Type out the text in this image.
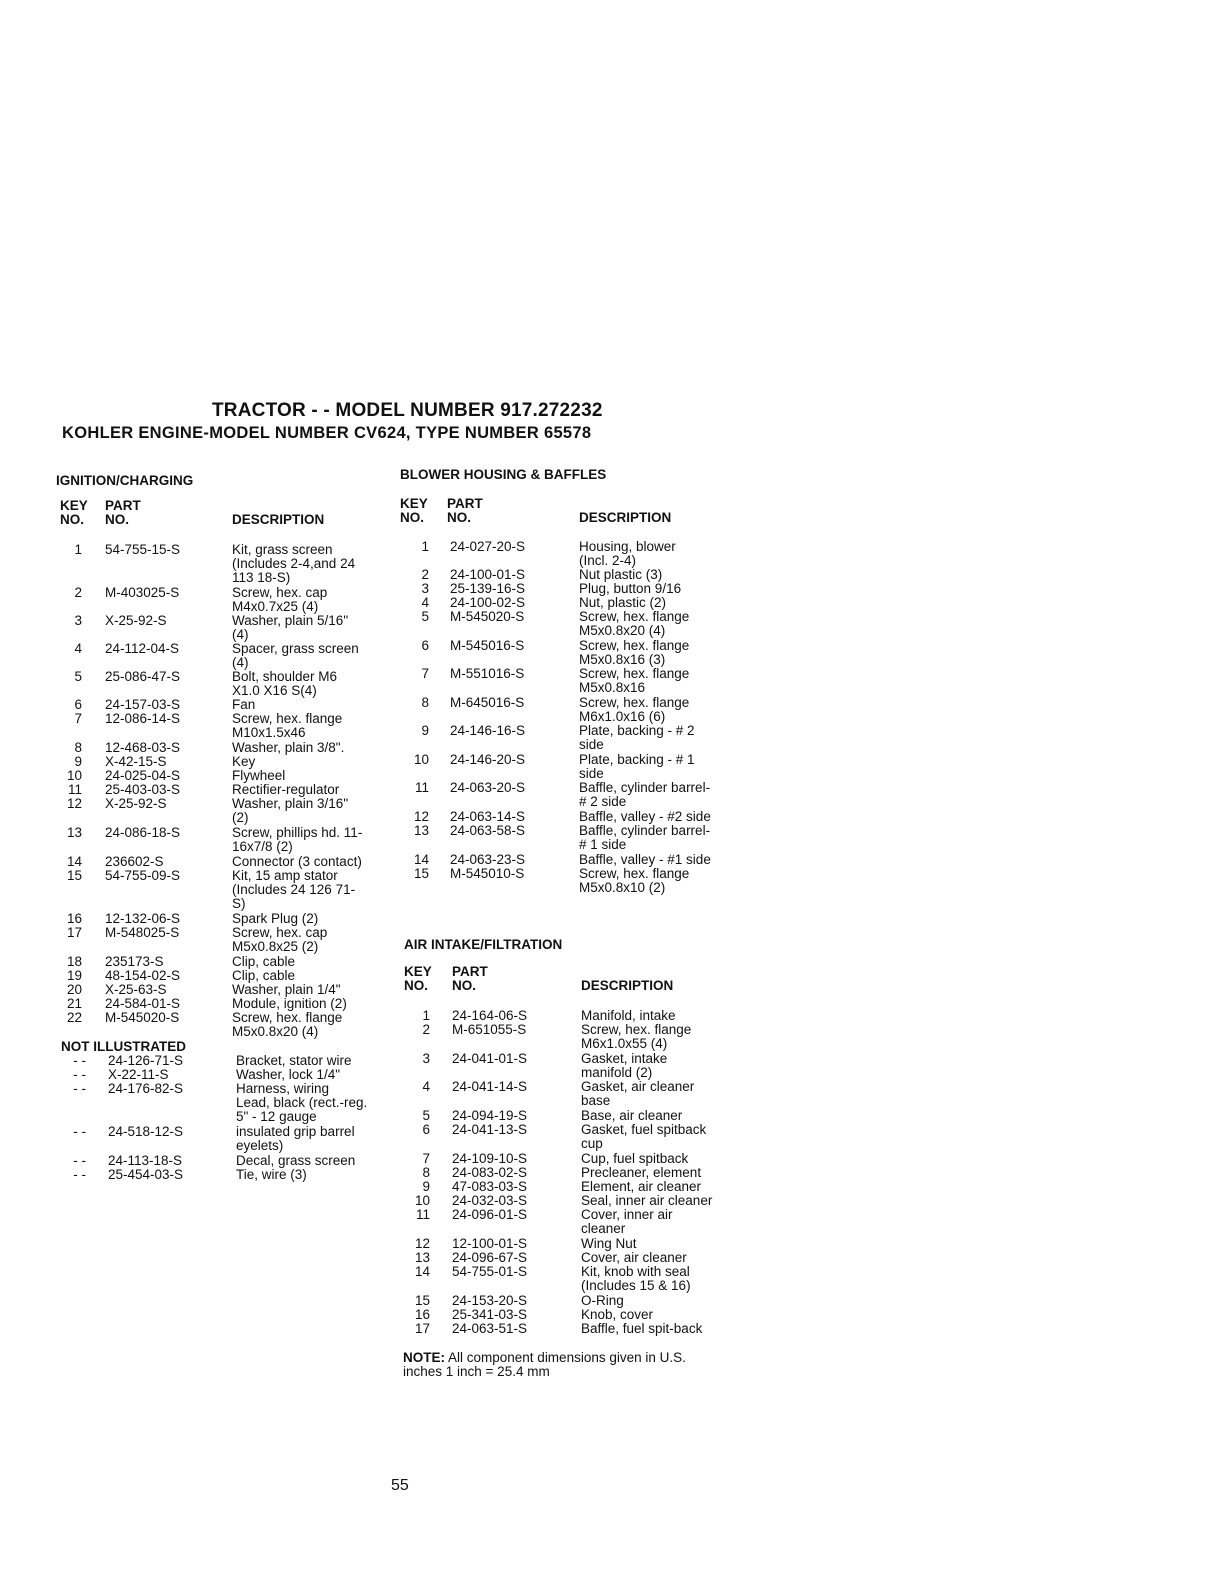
TRACTOR - - MODEL NUMBER 917.272232
KOHLER ENGINE-MODEL NUMBER CV624, TYPE NUMBER 65578
IGNITION/CHARGING
KEY
NO.
PART
NO.	DESCRIPTION
BLOWER HOUSING & BAFFLES
KEY
NO.
PART
NO.	DESCRIPTION
AIR INTAKE/FILTRATION
KEY
NO.
PART
NO.	DESCRIPTION
NOT ILLUSTRATED
1 54-755-15-S	Kit, grass screen
(Includes 2-4,and 24
113 18-S)
2 M-403025-S	Screw, hex. cap
M4x0.7x25 (4)
3 X-25-92-S	Washer, plain 5/16"
(4)
4 24-112-04-S	Spacer, grass screen
(4)
5 25-086-47-S	Bolt, shoulder M6
X1.0 X16 S(4)
6 24-157-03-S	Fan
7 12-086-14-S	Screw, hex. flange
M10x1.5x46
8 12-468-03-S	Washer, plain 3/8".
9 X-42-15-S	Key
10 24-025-04-S	Flywheel
11 25-403-03-S	Rectifier-regulator
12 X-25-92-S	Washer, plain 3/16"
(2)
13 24-086-18-S	Screw, phillips hd. 11-
16x7/8 (2)
14 236602-S	Connector (3 contact)
15 54-755-09-S	Kit, 15 amp stator
(Includes 24 126 71-
S)
16 12-132-06-S	Spark Plug (2)
17 M-548025-S	Screw, hex. cap
M5x0.8x25 (2)
18 235173-S	Clip, cable
19 48-154-02-S	Clip, cable
20 X-25-63-S	Washer, plain 1/4"
21 24-584-01-S	Module, ignition (2)
22 M-545020-S	Screw, hex. flange
M5x0.8x20 (4)
- - 24-126-71-S	Bracket, stator wire
- - X-22-11-S	Washer, lock 1/4"
- - 24-176-82-S	Harness, wiring
Lead, black (rect.-reg.
5" - 12 gauge
- - 24-518-12-S	insulated grip barrel
eyelets)
- - 24-113-18-S	Decal, grass screen
- - 25-454-03-S	Tie, wire (3)
1 24-027-20-S	Housing, blower
(Incl. 2-4)
2 24-100-01-S	Nut plastic (3)
3 25-139-16-S	Plug, button 9/16
4 24-100-02-S	Nut, plastic (2)
5 M-545020-S	Screw, hex. flange
M5x0.8x20 (4)
6 M-545016-S	Screw, hex. flange
M5x0.8x16 (3)
7 M-551016-S	Screw, hex. flange
M5x0.8x16
8 M-645016-S	Screw, hex. flange
M6x1.0x16 (6)
9 24-146-16-S	Plate, backing - # 2
side
10 24-146-20-S	Plate, backing - # 1
side
11 24-063-20-S	Baffle, cylinder barrel-
# 2 side
12 24-063-14-S	Baffle, valley - #2 side
13 24-063-58-S	Baffle, cylinder barrel-
# 1 side
14 24-063-23-S	Baffle, valley - #1 side
15 M-545010-S	Screw, hex. flange
M5x0.8x10 (2)
1 24-164-06-S	Manifold, intake
2 M-651055-S	Screw, hex. flange
M6x1.0x55 (4)
3 24-041-01-S	Gasket, intake
manifold (2)
4 24-041-14-S	Gasket, air cleaner
base
5 24-094-19-S	Base, air cleaner
6 24-041-13-S	Gasket, fuel spitback
cup
7 24-109-10-S	Cup, fuel spitback
8 24-083-02-S	Precleaner, element
9 47-083-03-S	Element, air cleaner
10 24-032-03-S	Seal, inner air cleaner
11 24-096-01-S	Cover, inner air
cleaner
12 12-100-01-S	Wing Nut
13 24-096-67-S	Cover, air cleaner
14 54-755-01-S	Kit, knob with seal
(Includes 15 & 16)
15 24-153-20-S	O-Ring
16 25-341-03-S	Knob, cover
17 24-063-51-S	Baffle, fuel spit-back
NOTE: All component dimensions given in U.S.
inches 1 inch = 25.4 mm
55
